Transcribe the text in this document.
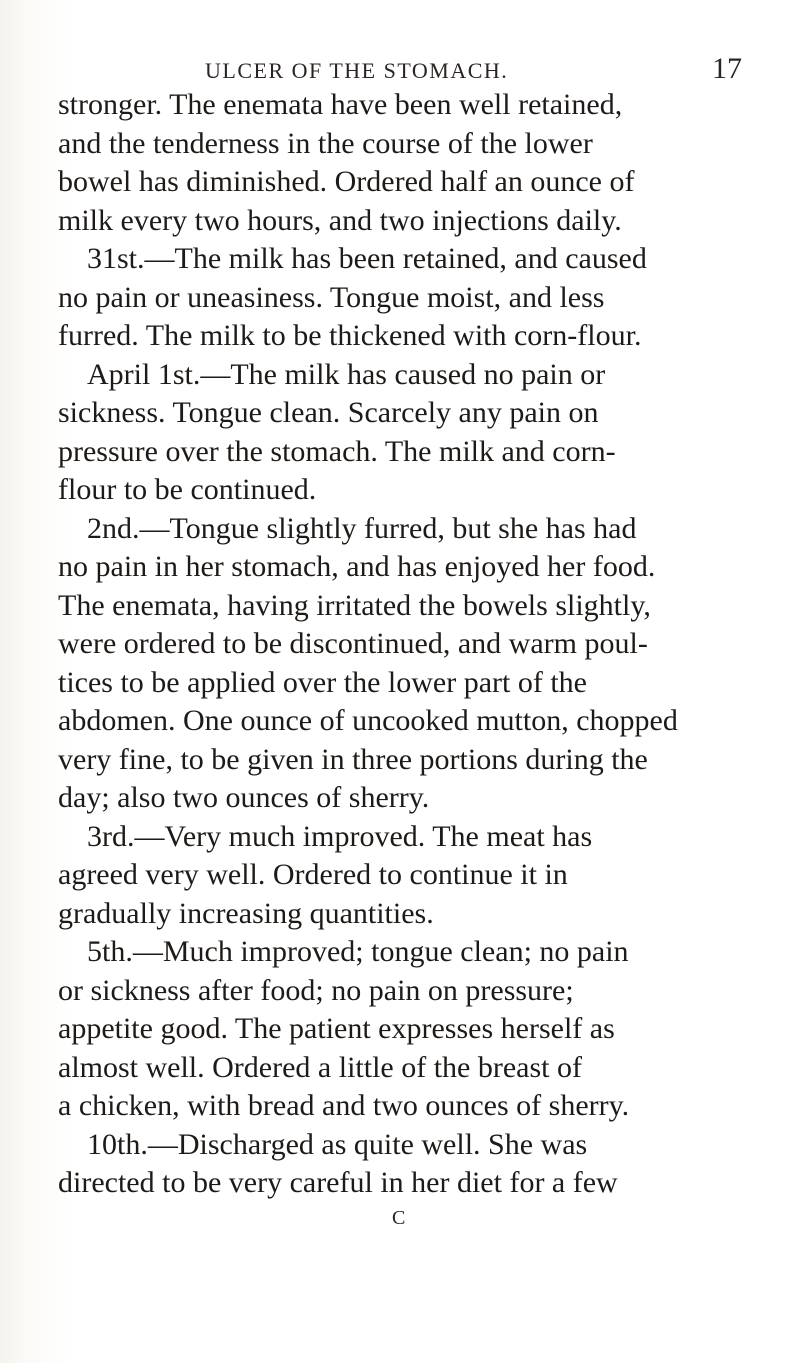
ULCER OF THE STOMACH.	17
stronger. The enemata have been well retained,
and the tenderness in the course of the lower
bowel has diminished. Ordered half an ounce of
milk every two hours, and two injections daily.
31st.—The milk has been retained, and caused
no pain or uneasiness. Tongue moist, and less
furred. The milk to be thickened with corn-flour.
April 1st.—The milk has caused no pain or
sickness. Tongue clean. Scarcely any pain on
pressure over the stomach. The milk and corn-
flour to be continued.
2nd.—Tongue slightly furred, but she has had
no pain in her stomach, and has enjoyed her food.
The enemata, having irritated the bowels slightly,
were ordered to be discontinued, and warm poul-
tices to be applied over the lower part of the
abdomen. One ounce of uncooked mutton, chopped
very fine, to be given in three portions during the
day; also two ounces of sherry.
3rd.—Very much improved. The meat has
agreed very well. Ordered to continue it in
gradually increasing quantities.
5th.—Much improved; tongue clean; no pain
or sickness after food; no pain on pressure;
appetite good. The patient expresses herself as
almost well. Ordered a little of the breast of
a chicken, with bread and two ounces of sherry.
10th.—Discharged as quite well. She was
directed to be very careful in her diet for a few
C
